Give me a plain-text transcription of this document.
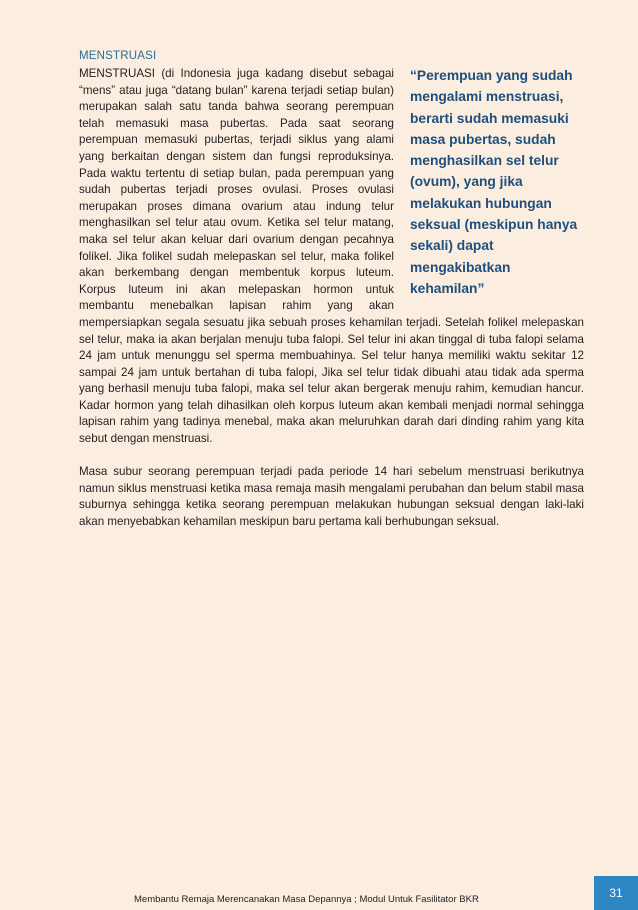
MENSTRUASI
“Perempuan yang sudah mengalami menstruasi, berarti sudah memasuki masa pubertas, sudah menghasilkan sel telur (ovum), yang jika melakukan hubungan seksual (meskipun hanya sekali) dapat mengakibatkan kehamilan”

MENSTRUASI (di Indonesia juga kadang disebut sebagai “mens” atau juga “datang bulan” karena terjadi setiap bulan) merupakan salah satu tanda bahwa seorang perempuan telah memasuki masa pubertas. Pada saat seorang perempuan memasuki pubertas, terjadi siklus yang alami yang berkaitan dengan sistem dan fungsi reproduksinya. Pada waktu tertentu di setiap bulan, pada perempuan yang sudah pubertas terjadi proses ovulasi. Proses ovulasi merupakan proses dimana ovarium atau indung telur menghasilkan sel telur atau ovum. Ketika sel telur matang, maka sel telur akan keluar dari ovarium dengan pecahnya folikel. Jika folikel sudah melepaskan sel telur, maka folikel akan berkembang dengan membentuk korpus luteum. Korpus luteum ini akan melepaskan hormon untuk membantu menebalkan lapisan rahim yang akan mempersiapkan segala sesuatu jika sebuah proses kehamilan terjadi. Setelah folikel melepaskan sel telur, maka ia akan berjalan menuju tuba falopi. Sel telur ini akan tinggal di tuba falopi selama 24 jam untuk menunggu sel sperma membuahinya. Sel telur hanya memiliki waktu sekitar 12 sampai 24 jam untuk bertahan di tuba falopi, Jika sel telur tidak dibuahi atau tidak ada sperma yang berhasil menuju tuba falopi, maka sel telur akan bergerak menuju rahim, kemudian hancur. Kadar hormon yang telah dihasilkan oleh korpus luteum akan kembali menjadi normal sehingga lapisan rahim yang tadinya menebal, maka akan meluruhkan darah dari dinding rahim yang kita sebut dengan menstruasi.

Masa subur seorang perempuan terjadi pada periode 14 hari sebelum menstruasi berikutnya namun siklus menstruasi ketika masa remaja masih mengalami perubahan dan belum stabil masa suburnya sehingga ketika seorang perempuan melakukan hubungan seksual dengan laki-laki akan menyebabkan kehamilan meskipun baru pertama kali berhubungan seksual.

Membantu Remaja Merencanakan Masa Depannya ; Modul Untuk Fasilitator BKR	31
